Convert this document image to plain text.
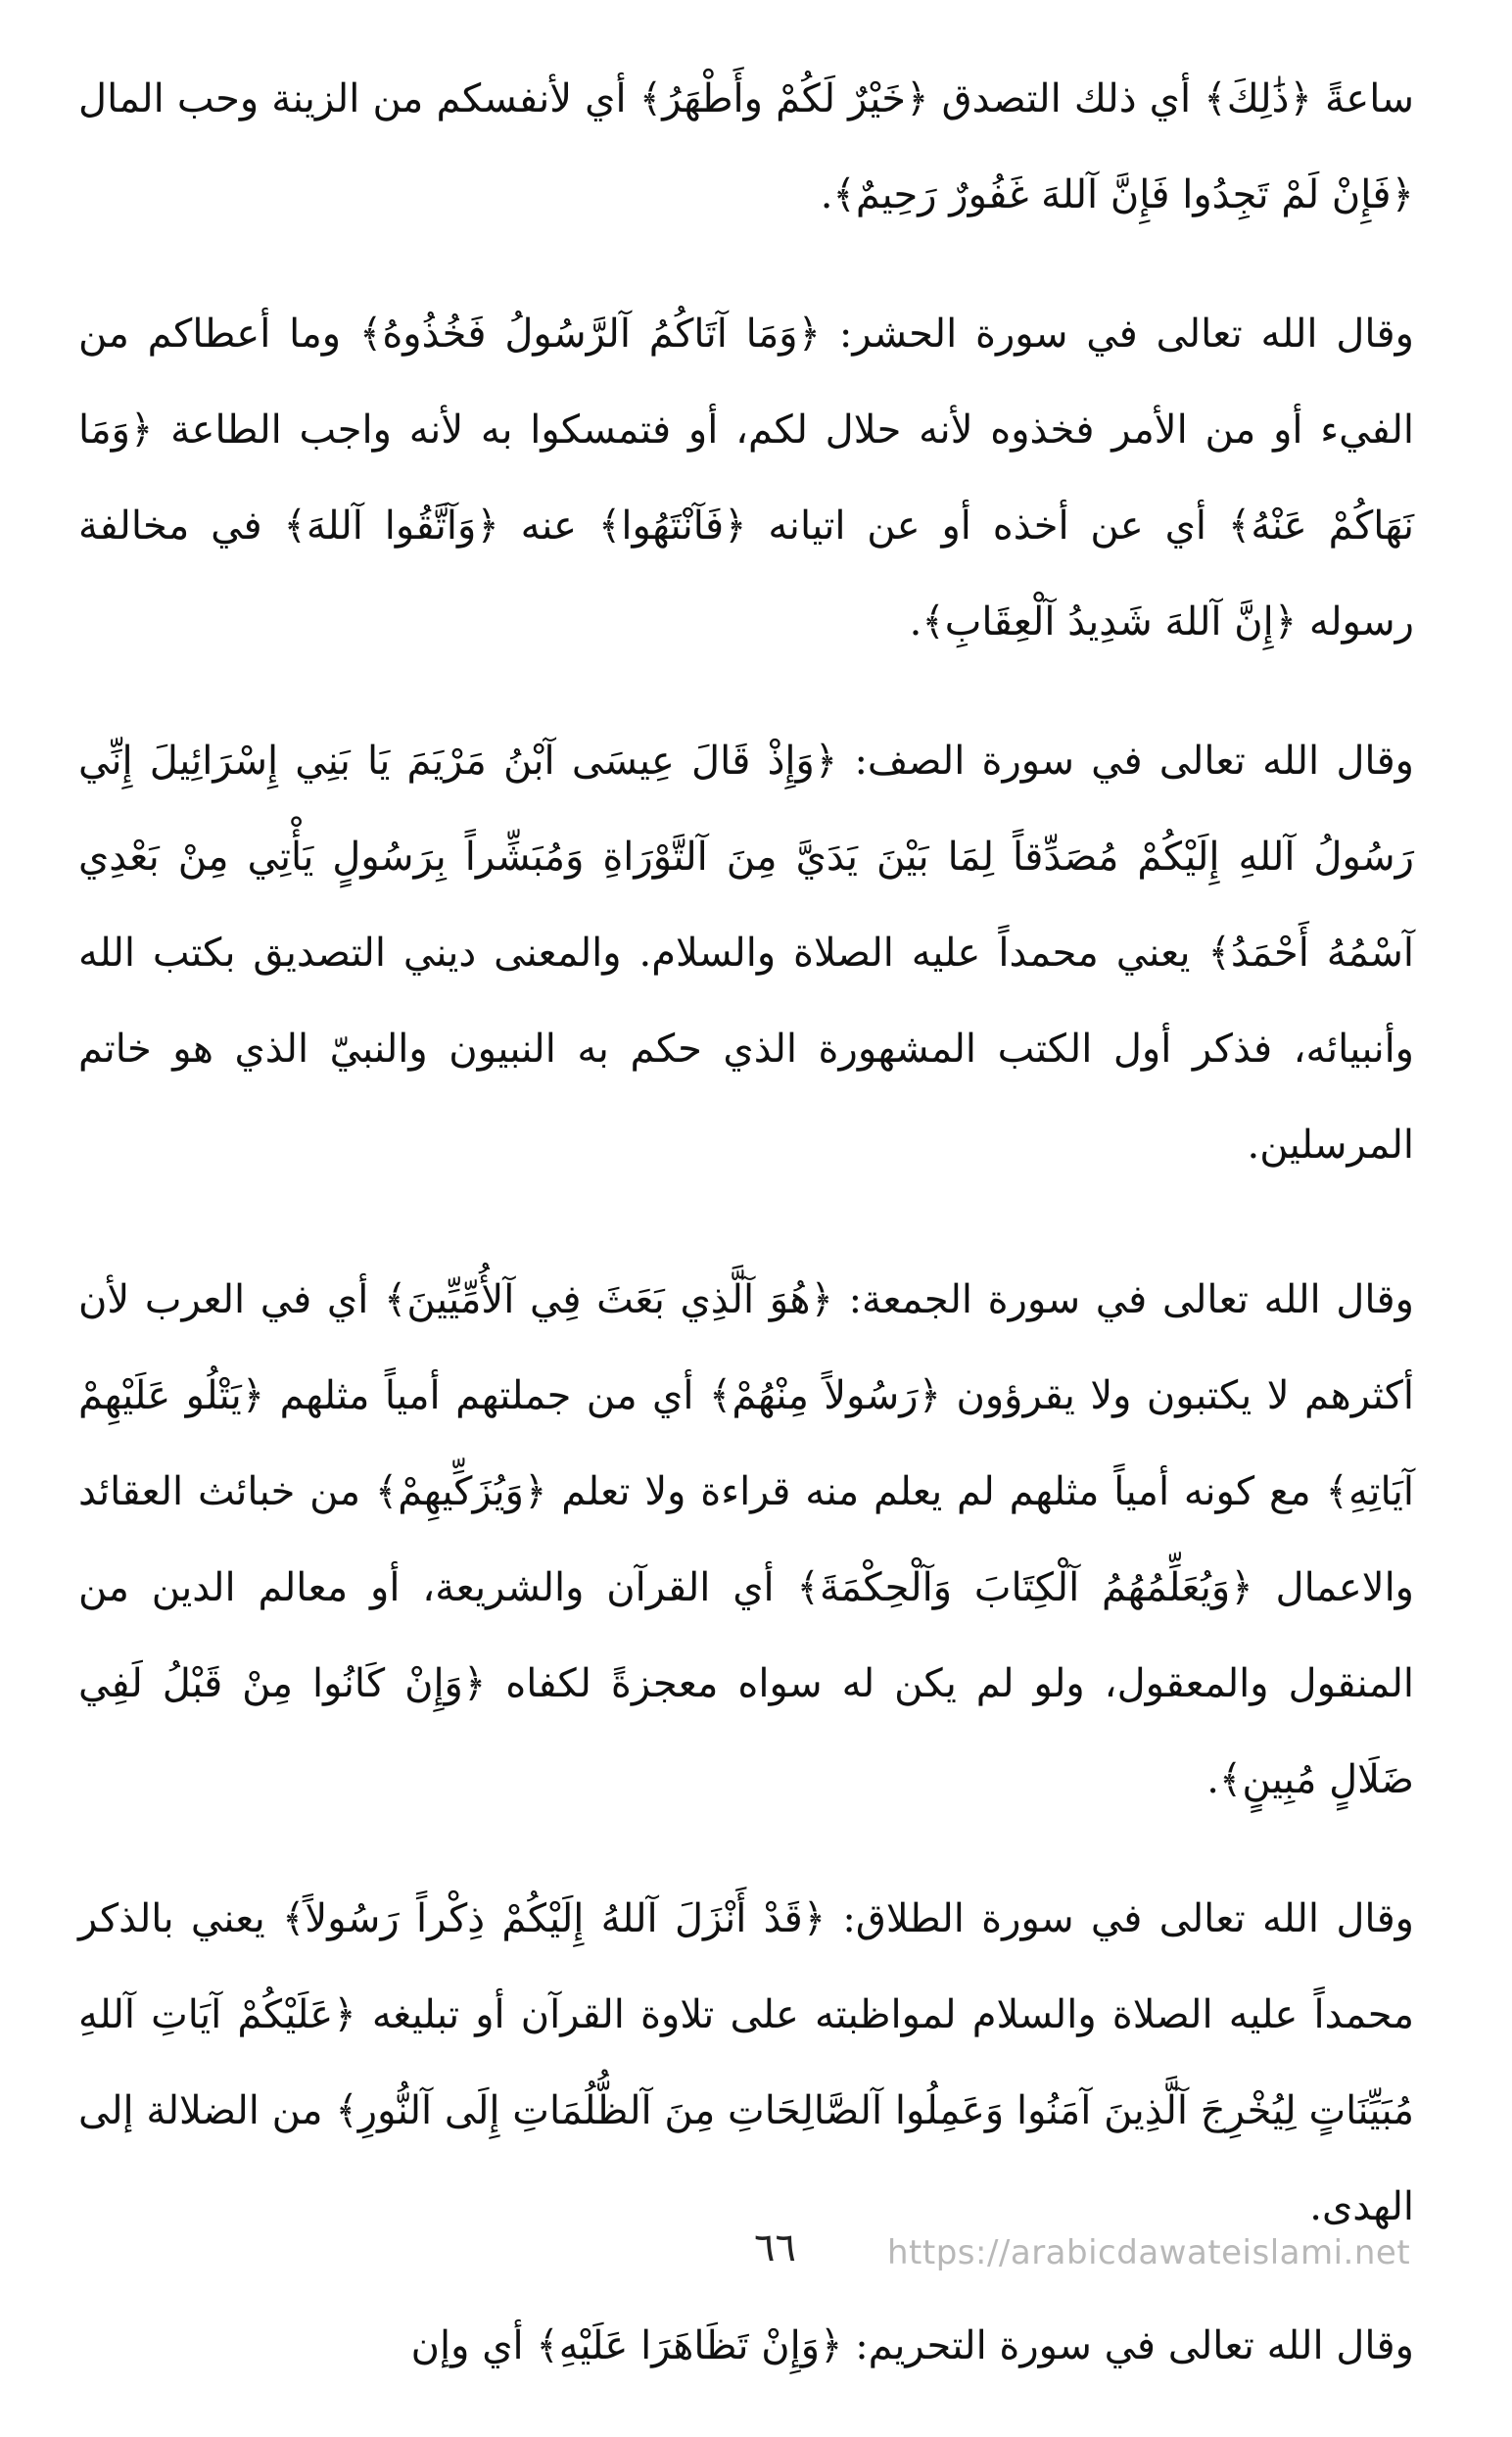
ساعةً ﴿ذَٰلِكَ﴾ أي ذلك التصدق ﴿خَيْرٌ لَكُمْ وأَطْهَرُ﴾ أي لأنفسكم من الزينة وحب المال ﴿فَإِنْ لَمْ تَجِدُوا فَإِنَّ آللهَ غَفُورٌ رَحِيمٌ﴾.

وقال الله تعالى في سورة الحشر: ﴿وَمَا آتَاكُمُ آلرَّسُولُ فَخُذُوهُ﴾ وما أعطاكم من الفيء أو من الأمر فخذوه لأنه حلال لكم، أو فتمسكوا به لأنه واجب الطاعة ﴿وَمَا نَهَاكُمْ عَنْهُ﴾ أي عن أخذه أو عن اتيانه ﴿فَآنْتَهُوا﴾ عنه ﴿وَآتَّقُوا آللهَ﴾ في مخالفة رسوله ﴿إِنَّ آللهَ شَدِيدُ آلْعِقَابِ﴾.

وقال الله تعالى في سورة الصف: ﴿وَإِذْ قَالَ عِيسَى آبْنُ مَرْيَمَ يَا بَنِي إِسْرَائِيلَ إِنِّي رَسُولُ آللهِ إِلَيْكُمْ مُصَدِّقاً لِمَا بَيْنَ يَدَيَّ مِنَ آلتَّوْرَاةِ وَمُبَشِّراً بِرَسُولٍ يَأْتِي مِنْ بَعْدِي آسْمُهُ أَحْمَدُ﴾ يعني محمداً عليه الصلاة والسلام. والمعنى ديني التصديق بكتب الله وأنبيائه، فذكر أول الكتب المشهورة الذي حكم به النبيون والنبيّ الذي هو خاتم المرسلين.

وقال الله تعالى في سورة الجمعة: ﴿هُوَ آلَّذِي بَعَثَ فِي آلأُمِّيِّينَ﴾ أي في العرب لأن أكثرهم لا يكتبون ولا يقرؤون ﴿رَسُولاً مِنْهُمْ﴾ أي من جملتهم أمياً مثلهم ﴿يَتْلُو عَلَيْهِمْ آيَاتِهِ﴾ مع كونه أمياً مثلهم لم يعلم منه قراءة ولا تعلم ﴿وَيُزَكِّيهِمْ﴾ من خبائث العقائد والاعمال ﴿وَيُعَلِّمُهُمُ آلْكِتَابَ وَآلْحِكْمَةَ﴾ أي القرآن والشريعة، أو معالم الدين من المنقول والمعقول، ولو لم يكن له سواه معجزةً لكفاه ﴿وَإِنْ كَانُوا مِنْ قَبْلُ لَفِي ضَلَالٍ مُبِينٍ﴾.

وقال الله تعالى في سورة الطلاق: ﴿قَدْ أَنْزَلَ آللهُ إِلَيْكُمْ ذِكْراً رَسُولاً﴾ يعني بالذكر محمداً عليه الصلاة والسلام لمواظبته على تلاوة القرآن أو تبليغه ﴿عَلَيْكُمْ آيَاتِ آللهِ مُبَيِّنَاتٍ لِيُخْرِجَ آلَّذِينَ آمَنُوا وَعَمِلُوا آلصَّالِحَاتِ مِنَ آلظُّلُمَاتِ إِلَى آلنُّورِ﴾ من الضلالة إلى الهدى.

وقال الله تعالى في سورة التحريم: ﴿وَإِنْ تَظَاهَرَا عَلَيْهِ﴾ أي وإن

٦٦	https://arabicdawateislami.net
